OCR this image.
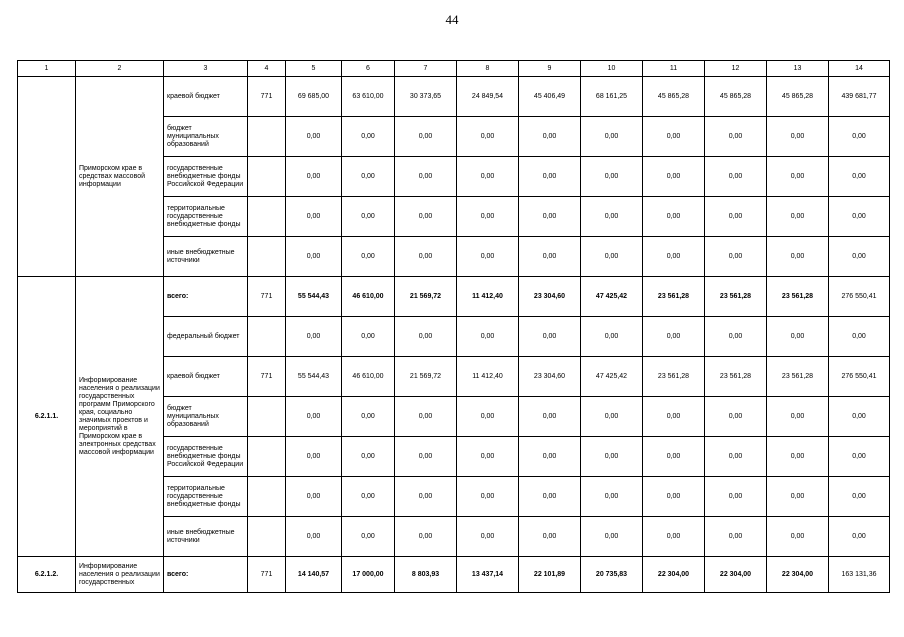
44
1	2	3	4	5	6	7	8	9	10	11	12	13	14
	Приморском крае в средствах массовой информации	краевой бюджет	771	69 685,00	63 610,00	30 373,65	24 849,54	45 406,49	68 161,25	45 865,28	45 865,28	45 865,28	439 681,77
		бюджет муниципальных образований		0,00	0,00	0,00	0,00	0,00	0,00	0,00	0,00	0,00	0,00
		государственные внебюджетные фонды Российской Федерации		0,00	0,00	0,00	0,00	0,00	0,00	0,00	0,00	0,00	0,00
		территориальные государственные внебюджетные фонды		0,00	0,00	0,00	0,00	0,00	0,00	0,00	0,00	0,00	0,00
		иные внебюджетные источники		0,00	0,00	0,00	0,00	0,00	0,00	0,00	0,00	0,00	0,00
6.2.1.1.	Информирование населения о реализации государственных программ Приморского края, социально значимых проектов и мероприятий в Приморском крае в электронных средствах массовой информации	всего:	771	55 544,43	46 610,00	21 569,72	11 412,40	23 304,60	47 425,42	23 561,28	23 561,28	23 561,28	276 550,41
		федеральный бюджет		0,00	0,00	0,00	0,00	0,00	0,00	0,00	0,00	0,00	0,00
		краевой бюджет	771	55 544,43	46 610,00	21 569,72	11 412,40	23 304,60	47 425,42	23 561,28	23 561,28	23 561,28	276 550,41
		бюджет муниципальных образований		0,00	0,00	0,00	0,00	0,00	0,00	0,00	0,00	0,00	0,00
		государственные внебюджетные фонды Российской Федерации		0,00	0,00	0,00	0,00	0,00	0,00	0,00	0,00	0,00	0,00
		территориальные государственные внебюджетные фонды		0,00	0,00	0,00	0,00	0,00	0,00	0,00	0,00	0,00	0,00
		иные внебюджетные источники		0,00	0,00	0,00	0,00	0,00	0,00	0,00	0,00	0,00	0,00
6.2.1.2.	Информирование населения о реализации государственных	всего:	771	14 140,57	17 000,00	8 803,93	13 437,14	22 101,89	20 735,83	22 304,00	22 304,00	22 304,00	163 131,36
